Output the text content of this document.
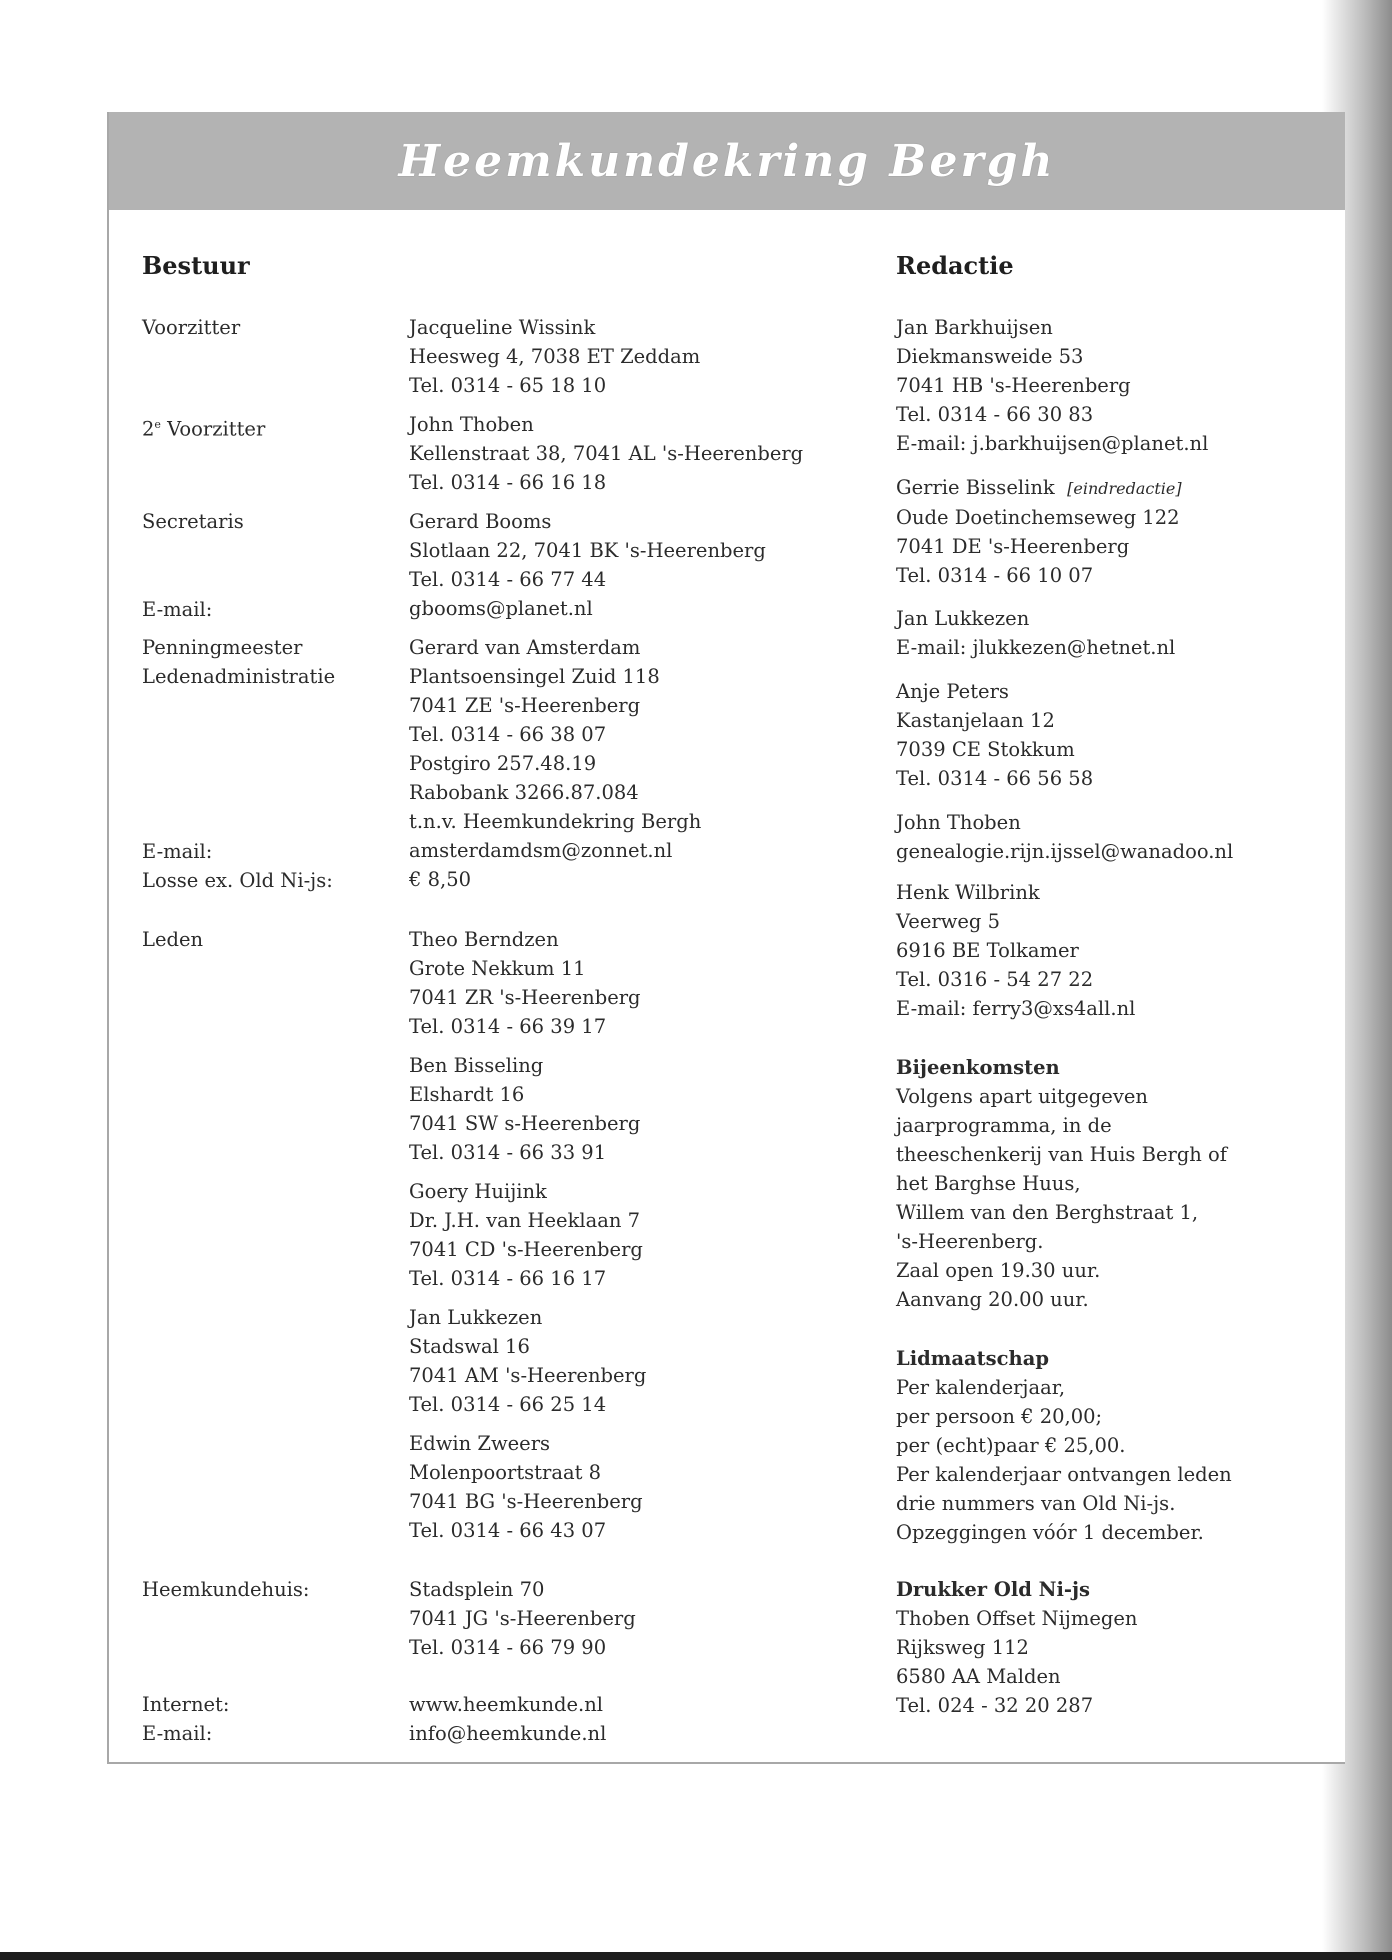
Heemkundekring Bergh
Bestuur	Redactie
Voorzitter
2e Voorzitter
Secretaris
E-mail:
Penningmeester
Ledenadministratie
E-mail:
Losse ex. Old Ni-js:
Leden
Heemkundehuis:
Internet:
E-mail:
Jacqueline Wissink
Heesweg 4, 7038 ET Zeddam
Tel. 0314 - 65 18 10
John Thoben
Kellenstraat 38, 7041 AL 's-Heerenberg
Tel. 0314 - 66 16 18
Gerard Booms
Slotlaan 22, 7041 BK 's-Heerenberg
Tel. 0314 - 66 77 44
gbooms@planet.nl
Gerard van Amsterdam
Plantsoensingel Zuid 118
7041 ZE 's-Heerenberg
Tel. 0314 - 66 38 07
Postgiro 257.48.19
Rabobank 3266.87.084
t.n.v. Heemkundekring Bergh
amsterdamdsm@zonnet.nl
€ 8,50
Theo Berndzen
Grote Nekkum 11
7041 ZR 's-Heerenberg
Tel. 0314 - 66 39 17
Ben Bisseling
Elshardt 16
7041 SW s-Heerenberg
Tel. 0314 - 66 33 91
Goery Huijink
Dr. J.H. van Heeklaan 7
7041 CD 's-Heerenberg
Tel. 0314 - 66 16 17
Jan Lukkezen
Stadswal 16
7041 AM 's-Heerenberg
Tel. 0314 - 66 25 14
Edwin Zweers
Molenpoortstraat 8
7041 BG 's-Heerenberg
Tel. 0314 - 66 43 07
Stadsplein 70
7041 JG 's-Heerenberg
Tel. 0314 - 66 79 90
www.heemkunde.nl
info@heemkunde.nl
Jan Barkhuijsen
Diekmansweide 53
7041 HB 's-Heerenberg
Tel. 0314 - 66 30 83
E-mail: j.barkhuijsen@planet.nl
Gerrie Bisselink [eindredactie]
Oude Doetinchemseweg 122
7041 DE 's-Heerenberg
Tel. 0314 - 66 10 07
Jan Lukkezen
E-mail: jlukkezen@hetnet.nl
Anje Peters
Kastanjelaan 12
7039 CE Stokkum
Tel. 0314 - 66 56 58
John Thoben
genealogie.rijn.ijssel@wanadoo.nl
Henk Wilbrink
Veerweg 5
6916 BE Tolkamer
Tel. 0316 - 54 27 22
E-mail: ferry3@xs4all.nl
Bijeenkomsten
Volgens apart uitgegeven
jaarprogramma, in de
theeschenkerij van Huis Bergh of
het Barghse Huus,
Willem van den Berghstraat 1,
's-Heerenberg.
Zaal open 19.30 uur.
Aanvang 20.00 uur.
Lidmaatschap
Per kalenderjaar,
per persoon € 20,00;
per (echt)paar € 25,00.
Per kalenderjaar ontvangen leden
drie nummers van Old Ni-js.
Opzeggingen vóór 1 december.
Drukker Old Ni-js
Thoben Offset Nijmegen
Rijksweg 112
6580 AA Malden
Tel. 024 - 32 20 287
